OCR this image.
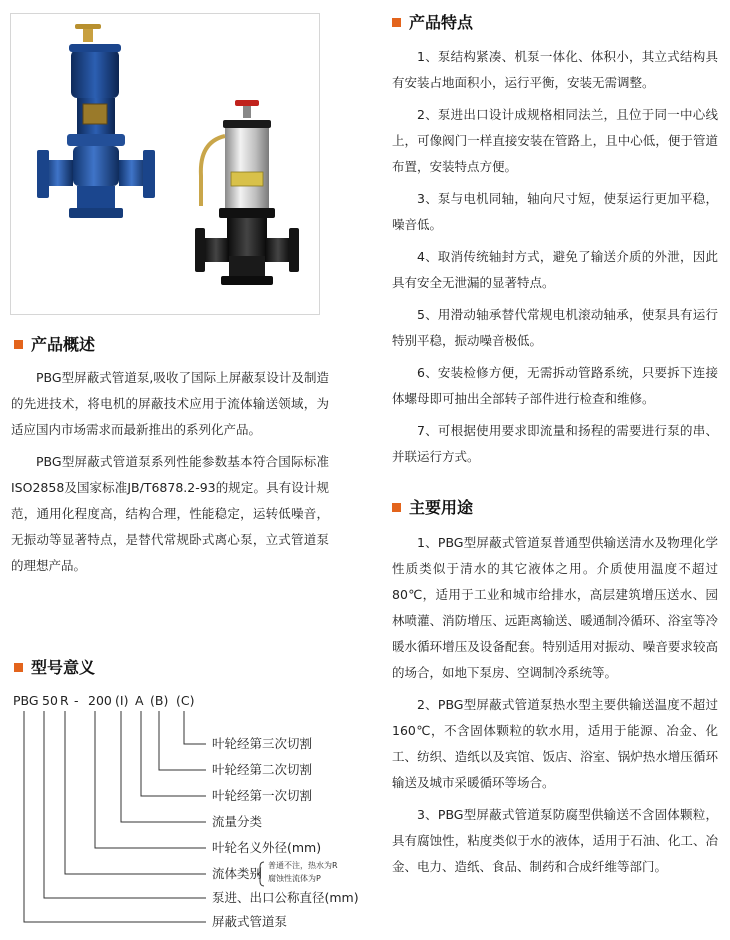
产品概述

PBG型屏蔽式管道泵,吸收了国际上屏蔽泵设计及制造的先进技术，将电机的屏蔽技术应用于流体输送领域，为适应国内市场需求而最新推出的系列化产品。

PBG型屏蔽式管道泵系列性能参数基本符合国际标准ISO2858及国家标准JB/T6878.2-93的规定。具有设计规范，通用化程度高，结构合理，性能稳定，运转低噪音，无振动等显著特点，是替代常规卧式离心泵，立式管道泵的理想产品。

型号意义
PBG 50 R - 200 (I) A (B) (C)
叶轮经第三次切割
叶轮经第二次切割
叶轮经第一次切割
流量分类
叶轮名义外径(mm)
流体类别
普通不注，热水为R
腐蚀性流体为P
泵进、出口公称直径(mm)
屏蔽式管道泵
产品特点

1、泵结构紧凑、机泵一体化、体积小，其立式结构具有安装占地面积小，运行平衡，安装无需调整。

2、泵进出口设计成规格相同法兰，且位于同一中心线上，可像阀门一样直接安装在管路上，且中心低，便于管道布置，安装特点方便。

3、泵与电机同轴，轴向尺寸短，使泵运行更加平稳，噪音低。

4、取消传统轴封方式，避免了输送介质的外泄，因此具有安全无泄漏的显著特点。

5、用滑动轴承替代常规电机滚动轴承，使泵具有运行特别平稳，振动噪音极低。

6、安装检修方便，无需拆动管路系统，只要拆下连接体螺母即可抽出全部转子部件进行检查和维修。

7、可根据使用要求即流量和扬程的需要进行泵的串、并联运行方式。

主要用途

1、PBG型屏蔽式管道泵普通型供输送清水及物理化学性质类似于清水的其它液体之用。介质使用温度不超过80℃，适用于工业和城市给排水，高层建筑增压送水、园林喷灌、消防增压、远距离输送、暖通制冷循环、浴室等冷暖水循环增压及设备配套。特别适用对振动、噪音要求较高的场合，如地下泵房、空调制冷系统等。

2、PBG型屏蔽式管道泵热水型主要供输送温度不超过160℃，不含固体颗粒的软水用，适用于能源、冶金、化工、纺织、造纸以及宾馆、饭店、浴室、锅炉热水增压循环输送及城市采暖循环等场合。

3、PBG型屏蔽式管道泵防腐型供输送不含固体颗粒，具有腐蚀性，粘度类似于水的液体，适用于石油、化工、冶金、电力、造纸、食品、制药和合成纤维等部门。
